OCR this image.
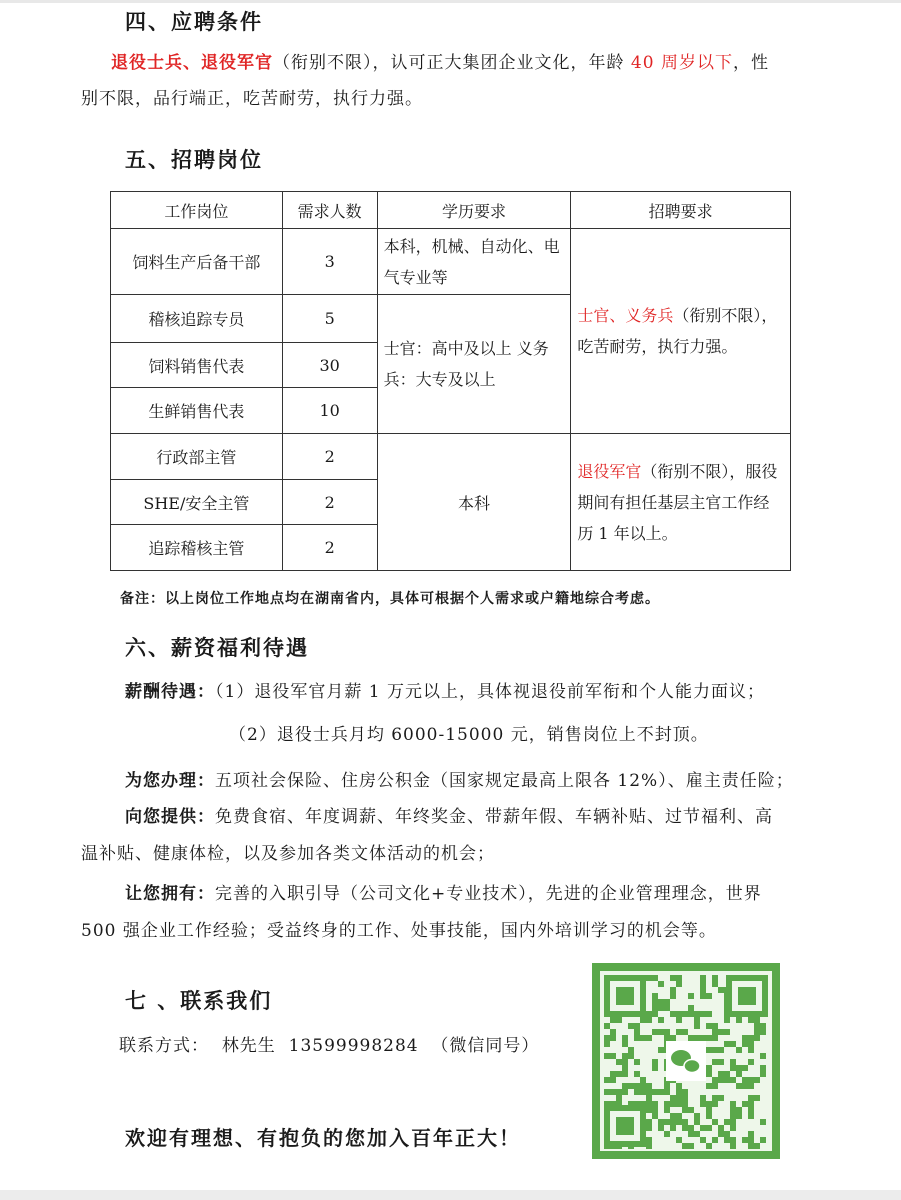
四、应聘条件
退役士兵、退役军官（衔别不限），认可正大集团企业文化，年龄 40 周岁以下，性
别不限，品行端正，吃苦耐劳，执行力强。
五、招聘岗位
工作岗位	需求人数	学历要求	招聘要求
饲料生产后备干部	3	本科，机械、自动化、电气专业等	士官、义务兵（衔别不限），吃苦耐劳，执行力强。
稽核追踪专员	5	士官：高中及以上 义务兵：大专及以上	
饲料销售代表	30		
生鲜销售代表	10		
行政部主管	2	本科	退役军官（衔别不限），服役期间有担任基层主官工作经历 1 年以上。
SHE/安全主管	2		
追踪稽核主管	2		
备注：以上岗位工作地点均在湖南省内，具体可根据个人需求或户籍地综合考虑。
六、薪资福利待遇
薪酬待遇：（1）退役军官月薪 1 万元以上，具体视退役前军衔和个人能力面议；
（2）退役士兵月均 6000-15000 元，销售岗位上不封顶。
为您办理：五项社会保险、住房公积金（国家规定最高上限各 12%）、雇主责任险；
向您提供：免费食宿、年度调薪、年终奖金、带薪年假、车辆补贴、过节福利、高
温补贴、健康体检，以及参加各类文体活动的机会；
让您拥有：完善的入职引导（公司文化+专业技术），先进的企业管理理念，世界
500 强企业工作经验；受益终身的工作、处事技能，国内外培训学习的机会等。
七 、联系我们
联系方式： 林先生 13599998284 （微信同号）
欢迎有理想、有抱负的您加入百年正大！
